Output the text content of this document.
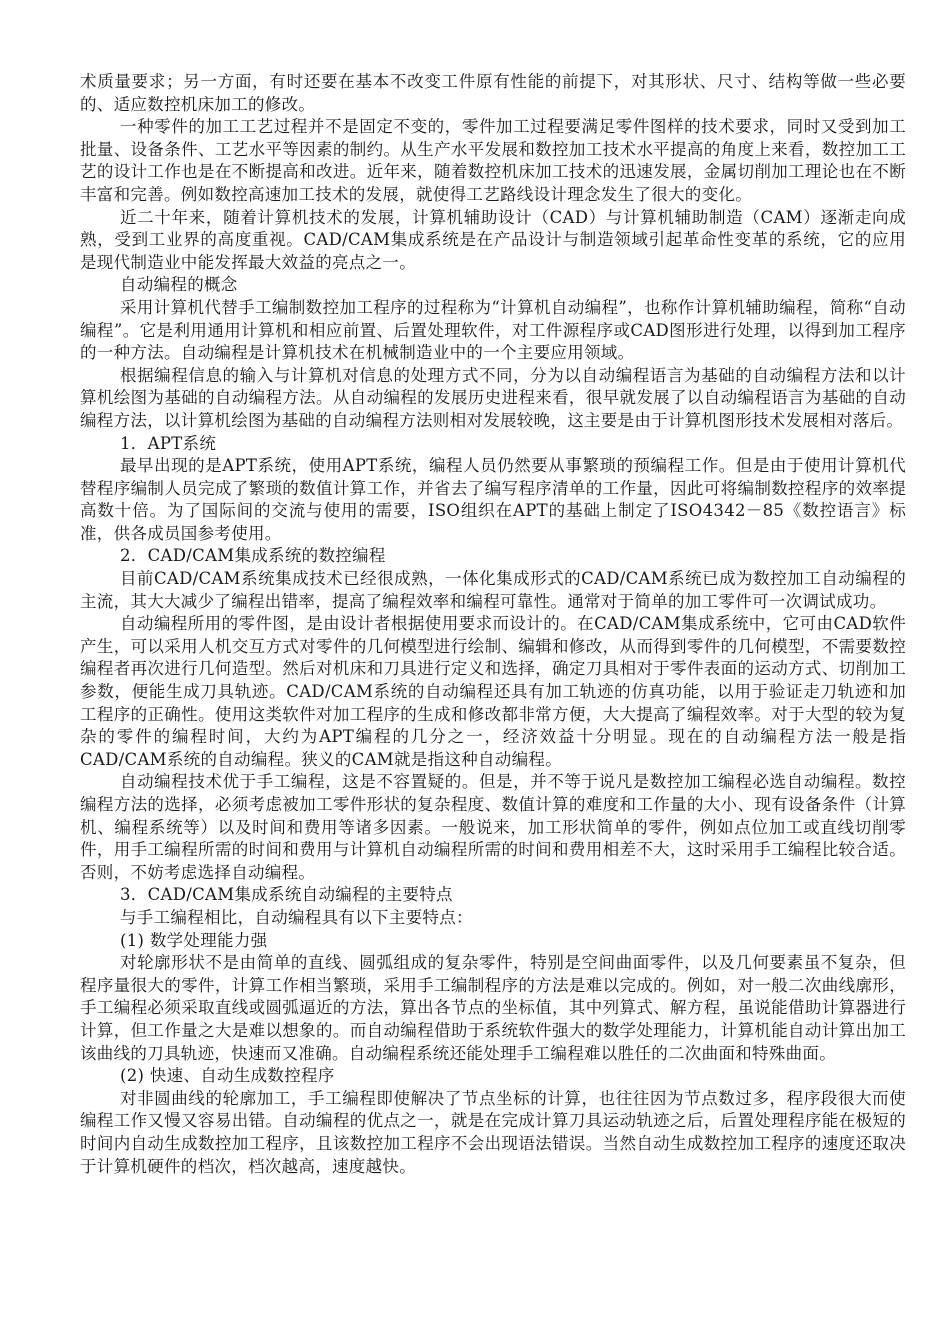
术质量要求；另一方面，有时还要在基本不改变工件原有性能的前提下，对其形状、尺寸、结构等做一些必要的、适应数控机床加工的修改。

一种零件的加工工艺过程并不是固定不变的，零件加工过程要满足零件图样的技术要求，同时又受到加工批量、设备条件、工艺水平等因素的制约。从生产水平发展和数控加工技术水平提高的角度上来看，数控加工工艺的设计工作也是在不断提高和改进。近年来，随着数控机床加工技术的迅速发展，金属切削加工理论也在不断丰富和完善。例如数控高速加工技术的发展，就使得工艺路线设计理念发生了很大的变化。

近二十年来，随着计算机技术的发展，计算机辅助设计（CAD）与计算机辅助制造（CAM）逐渐走向成熟，受到工业界的高度重视。CAD/CAM集成系统是在产品设计与制造领域引起革命性变革的系统，它的应用是现代制造业中能发挥最大效益的亮点之一。

自动编程的概念

采用计算机代替手工编制数控加工程序的过程称为“计算机自动编程”，也称作计算机辅助编程，简称“自动编程”。它是利用通用计算机和相应前置、后置处理软件，对工件源程序或CAD图形进行处理，以得到加工程序的一种方法。自动编程是计算机技术在机械制造业中的一个主要应用领域。

根据编程信息的输入与计算机对信息的处理方式不同，分为以自动编程语言为基础的自动编程方法和以计算机绘图为基础的自动编程方法。从自动编程的发展历史进程来看，很早就发展了以自动编程语言为基础的自动编程方法，以计算机绘图为基础的自动编程方法则相对发展较晚，这主要是由于计算机图形技术发展相对落后。

1．APT系统

最早出现的是APT系统，使用APT系统，编程人员仍然要从事繁琐的预编程工作。但是由于使用计算机代替程序编制人员完成了繁琐的数值计算工作，并省去了编写程序清单的工作量，因此可将编制数控程序的效率提高数十倍。为了国际间的交流与使用的需要，ISO组织在APT的基础上制定了ISO4342－85《数控语言》标准，供各成员国参考使用。

2．CAD/CAM集成系统的数控编程

目前CAD/CAM系统集成技术已经很成熟，一体化集成形式的CAD/CAM系统已成为数控加工自动编程的主流，其大大减少了编程出错率，提高了编程效率和编程可靠性。通常对于简单的加工零件可一次调试成功。

自动编程所用的零件图，是由设计者根据使用要求而设计的。在CAD/CAM集成系统中，它可由CAD软件产生，可以采用人机交互方式对零件的几何模型进行绘制、编辑和修改，从而得到零件的几何模型，不需要数控编程者再次进行几何造型。然后对机床和刀具进行定义和选择，确定刀具相对于零件表面的运动方式、切削加工参数，便能生成刀具轨迹。CAD/CAM系统的自动编程还具有加工轨迹的仿真功能，以用于验证走刀轨迹和加工程序的正确性。使用这类软件对加工程序的生成和修改都非常方便，大大提高了编程效率。对于大型的较为复杂的零件的编程时间，大约为APT编程的几分之一，经济效益十分明显。现在的自动编程方法一般是指CAD/CAM系统的自动编程。狭义的CAM就是指这种自动编程。

自动编程技术优于手工编程，这是不容置疑的。但是，并不等于说凡是数控加工编程必选自动编程。数控编程方法的选择，必须考虑被加工零件形状的复杂程度、数值计算的难度和工作量的大小、现有设备条件（计算机、编程系统等）以及时间和费用等诸多因素。一般说来，加工形状简单的零件，例如点位加工或直线切削零件，用手工编程所需的时间和费用与计算机自动编程所需的时间和费用相差不大，这时采用手工编程比较合适。否则，不妨考虑选择自动编程。

3．CAD/CAM集成系统自动编程的主要特点

与手工编程相比，自动编程具有以下主要特点：

(1) 数学处理能力强

对轮廓形状不是由简单的直线、圆弧组成的复杂零件，特别是空间曲面零件，以及几何要素虽不复杂，但程序量很大的零件，计算工作相当繁琐，采用手工编制程序的方法是难以完成的。例如，对一般二次曲线廓形，手工编程必须采取直线或圆弧逼近的方法，算出各节点的坐标值，其中列算式、解方程，虽说能借助计算器进行计算，但工作量之大是难以想象的。而自动编程借助于系统软件强大的数学处理能力，计算机能自动计算出加工该曲线的刀具轨迹，快速而又准确。自动编程系统还能处理手工编程难以胜任的二次曲面和特殊曲面。

(2) 快速、自动生成数控程序

对非圆曲线的轮廓加工，手工编程即使解决了节点坐标的计算，也往往因为节点数过多，程序段很大而使编程工作又慢又容易出错。自动编程的优点之一，就是在完成计算刀具运动轨迹之后，后置处理程序能在极短的时间内自动生成数控加工程序，且该数控加工程序不会出现语法错误。当然自动生成数控加工程序的速度还取决于计算机硬件的档次，档次越高，速度越快。
